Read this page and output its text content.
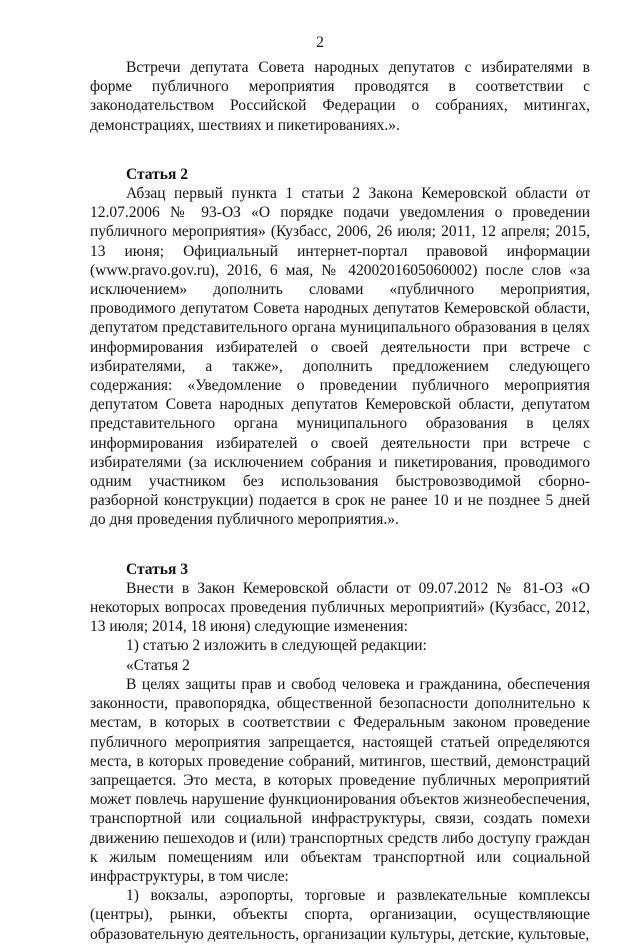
2

Встречи депутата Совета народных депутатов с избирателями в форме публичного мероприятия проводятся в соответствии с законодательством Российской Федерации о собраниях, митингах, демонстрациях, шествиях и пикетированиях.».

Статья 2

Абзац первый пункта 1 статьи 2 Закона Кемеровской области от 12.07.2006 № 93-ОЗ «О порядке подачи уведомления о проведении публичного мероприятия» (Кузбасс, 2006, 26 июля; 2011, 12 апреля; 2015, 13 июня; Официальный интернет-портал правовой информации (www.pravo.gov.ru), 2016, 6 мая, № 4200201605060002) после слов «за исключением» дополнить словами «публичного мероприятия, проводимого депутатом Совета народных депутатов Кемеровской области, депутатом представительного органа муниципального образования в целях информирования избирателей о своей деятельности при встрече с избирателями, а также», дополнить предложением следующего содержания: «Уведомление о проведении публичного мероприятия депутатом Совета народных депутатов Кемеровской области, депутатом представительного органа муниципального образования в целях информирования избирателей о своей деятельности при встрече с избирателями (за исключением собрания и пикетирования, проводимого одним участником без использования быстровозводимой сборно-разборной конструкции) подается в срок не ранее 10 и не позднее 5 дней до дня проведения публичного мероприятия.».

Статья 3

Внести в Закон Кемеровской области от 09.07.2012 № 81-ОЗ «О некоторых вопросах проведения публичных мероприятий» (Кузбасс, 2012, 13 июля; 2014, 18 июня) следующие изменения:

1) статью 2 изложить в следующей редакции:

«Статья 2

В целях защиты прав и свобод человека и гражданина, обеспечения законности, правопорядка, общественной безопасности дополнительно к местам, в которых в соответствии с Федеральным законом проведение публичного мероприятия запрещается, настоящей статьей определяются места, в которых проведение собраний, митингов, шествий, демонстраций запрещается. Это места, в которых проведение публичных мероприятий может повлечь нарушение функционирования объектов жизнеобеспечения, транспортной или социальной инфраструктуры, связи, создать помехи движению пешеходов и (или) транспортных средств либо доступу граждан к жилым помещениям или объектам транспортной или социальной инфраструктуры, в том числе:

1) вокзалы, аэропорты, торговые и развлекательные комплексы (центры), рынки, объекты спорта, организации, осуществляющие образовательную деятельность, организации культуры, детские, культовые,
